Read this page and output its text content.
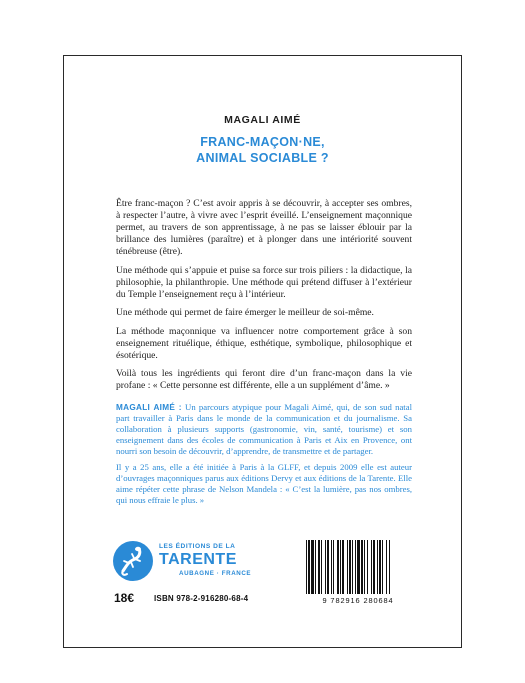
MAGALI AIMÉ
FRANC-MAÇON·NE,
ANIMAL SOCIABLE ?

Être franc-maçon ? C’est avoir appris à se découvrir, à accepter ses ombres, à respecter l’autre, à vivre avec l’esprit éveillé. L’enseignement maçonnique permet, au travers de son apprentissage, à ne pas se laisser éblouir par la brillance des lumières (paraître) et à plonger dans une intériorité souvent ténébreuse (être).

Une méthode qui s’appuie et puise sa force sur trois piliers : la didactique, la philosophie, la philanthropie. Une méthode qui prétend diffuser à l’extérieur du Temple l’enseignement reçu à l’intérieur.

Une méthode qui permet de faire émerger le meilleur de soi-même.

La méthode maçonnique va influencer notre comportement grâce à son enseignement rituélique, éthique, esthétique, symbolique, philosophique et ésotérique.

Voilà tous les ingrédients qui feront dire d’un franc-maçon dans la vie profane : « Cette personne est différente, elle a un supplément d’âme. »

MAGALI AIMÉ : Un parcours atypique pour Magali Aimé, qui, de son sud natal part travailler à Paris dans le monde de la communication et du journalisme. Sa collaboration à plusieurs supports (gastronomie, vin, santé, tourisme) et son enseignement dans des écoles de communication à Paris et Aix en Provence, ont nourri son besoin de découvrir, d’apprendre, de transmettre et de partager.

Il y a 25 ans, elle a été initiée à Paris à la GLFF, et depuis 2009 elle est auteur d’ouvrages maçonniques parus aux éditions Dervy et aux éditions de la Tarente. Elle aime répéter cette phrase de Nelson Mandela : « C’est la lumière, pas nos ombres, qui nous effraie le plus. »

LES ÉDITIONS DE LA
TARENTE
AUBAGNE · FRANCE
18€ ISBN 978-2-916280-68-4	9 782916 280684
